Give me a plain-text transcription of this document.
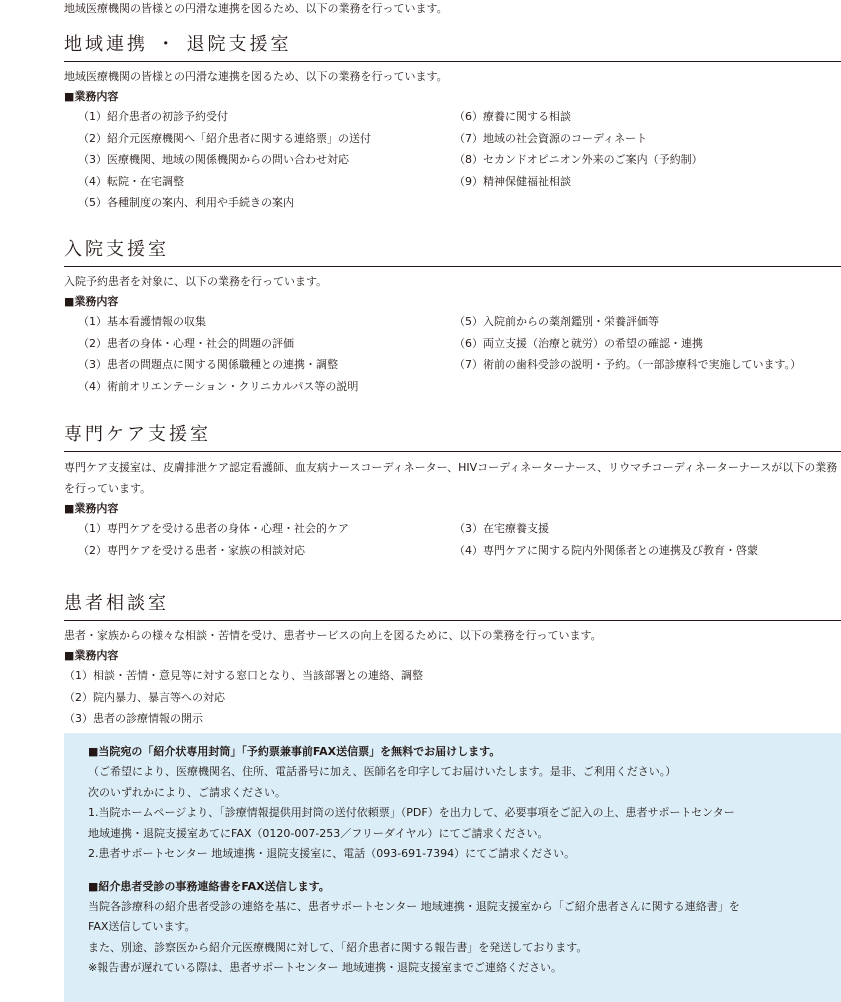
地域医療機関の皆様との円滑な連携を図るため、以下の業務を行っています。
地域連携 ・ 退院支援室
地域医療機関の皆様との円滑な連携を図るため、以下の業務を行っています。
■業務内容
（1）紹介患者の初診予約受付
（2）紹介元医療機関へ「紹介患者に関する連絡票」の送付
（3）医療機関、地域の関係機関からの問い合わせ対応
（4）転院・在宅調整
（5）各種制度の案内、利用や手続きの案内
（6）療養に関する相談
（7）地域の社会資源のコーディネート
（8）セカンドオピニオン外来のご案内（予約制）
（9）精神保健福祉相談
入院支援室
入院予約患者を対象に、以下の業務を行っています。
■業務内容
（1）基本看護情報の収集
（2）患者の身体・心理・社会的問題の評価
（3）患者の問題点に関する関係職種との連携・調整
（4）術前オリエンテーション・クリニカルパス等の説明
（5）入院前からの薬剤鑑別・栄養評価等
（6）両立支援（治療と就労）の希望の確認・連携
（7）術前の歯科受診の説明・予約。（一部診療科で実施しています。）
専門ケア支援室
専門ケア支援室は、皮膚排泄ケア認定看護師、血友病ナースコーディネーター、HIVコーディネーターナース、リウマチコーディネーターナースが以下の業務を行っています。
■業務内容
（1）専門ケアを受ける患者の身体・心理・社会的ケア
（2）専門ケアを受ける患者・家族の相談対応
（3）在宅療養支援
（4）専門ケアに関する院内外関係者との連携及び教育・啓蒙
患者相談室
患者・家族からの様々な相談・苦情を受け、患者サービスの向上を図るために、以下の業務を行っています。
■業務内容
（1）相談・苦情・意見等に対する窓口となり、当該部署との連絡、調整
（2）院内暴力、暴言等への対応
（3）患者の診療情報の開示
■当院宛の「紹介状専用封筒」「予約票兼事前FAX送信票」を無料でお届けします。
（ご希望により、医療機関名、住所、電話番号に加え、医師名を印字してお届けいたします。是非、ご利用ください。）
次のいずれかにより、ご請求ください。
1.当院ホームページより、「診療情報提供用封筒の送付依頼票」（PDF）を出力して、必要事項をご記入の上、患者サポートセンター
地域連携・退院支援室あてにFAX（0120-007-253／フリーダイヤル）にてご請求ください。
2.患者サポートセンター 地域連携・退院支援室に、電話（093-691-7394）にてご請求ください。
■紹介患者受診の事務連絡書をFAX送信します。
当院各診療科の紹介患者受診の連絡を基に、患者サポートセンター 地域連携・退院支援室から「ご紹介患者さんに関する連絡書」を
FAX送信しています。
また、別途、診察医から紹介元医療機関に対して、「紹介患者に関する報告書」を発送しております。
※報告書が遅れている際は、患者サポートセンター 地域連携・退院支援室までご連絡ください。
